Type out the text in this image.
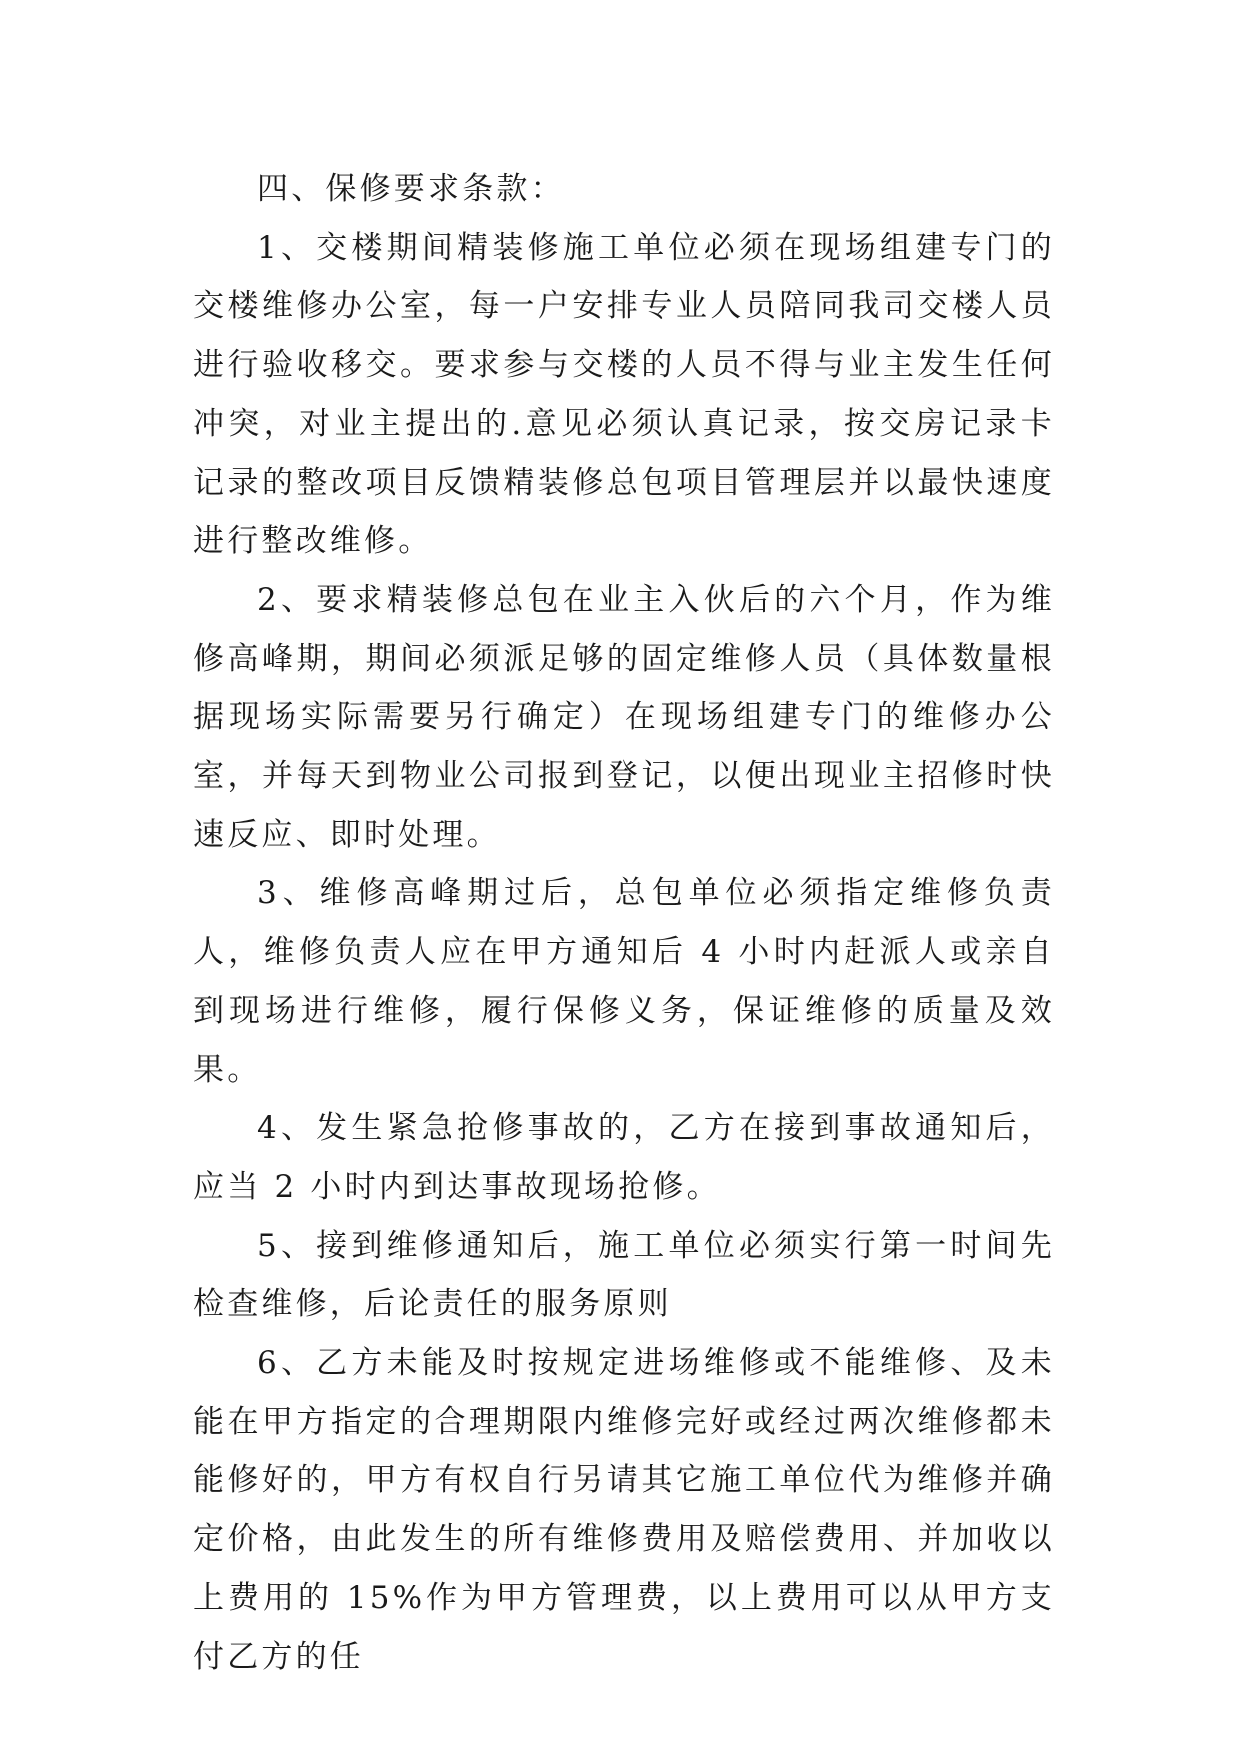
四、保修要求条款：

1、交楼期间精装修施工单位必须在现场组建专门的交楼维修办公室，每一户安排专业人员陪同我司交楼人员进行验收移交。要求参与交楼的人员不得与业主发生任何冲突，对业主提出的.意见必须认真记录，按交房记录卡记录的整改项目反馈精装修总包项目管理层并以最快速度进行整改维修。

2、要求精装修总包在业主入伙后的六个月，作为维修高峰期，期间必须派足够的固定维修人员（具体数量根据现场实际需要另行确定）在现场组建专门的维修办公室，并每天到物业公司报到登记，以便出现业主招修时快速反应、即时处理。

3、维修高峰期过后，总包单位必须指定维修负责人，维修负责人应在甲方通知后 4 小时内赶派人或亲自到现场进行维修，履行保修义务，保证维修的质量及效果。

4、发生紧急抢修事故的，乙方在接到事故通知后，应当 2 小时内到达事故现场抢修。

5、接到维修通知后，施工单位必须实行第一时间先检查维修，后论责任的服务原则

6、乙方未能及时按规定进场维修或不能维修、及未能在甲方指定的合理期限内维修完好或经过两次维修都未能修好的，甲方有权自行另请其它施工单位代为维修并确定价格，由此发生的所有维修费用及赔偿费用、并加收以上费用的 15%作为甲方管理费，以上费用可以从甲方支付乙方的任
